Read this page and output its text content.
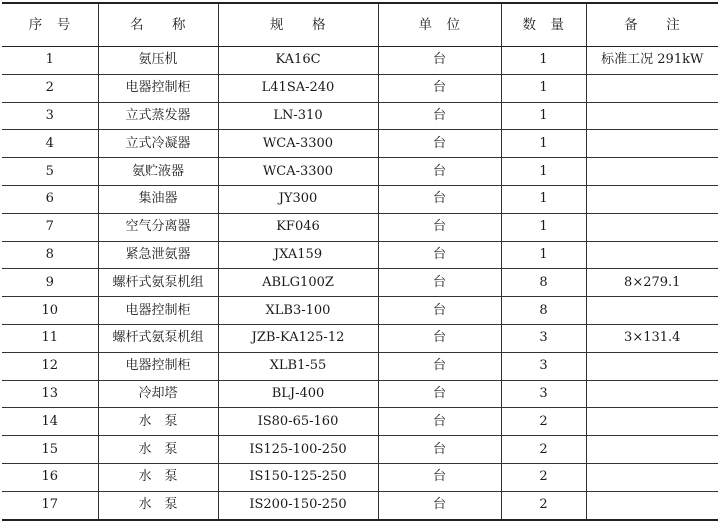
序　号	名　　称	规　　格	单　位	数　量	备　　注
1	氨压机	KA16C	台	1	标准工况 291kW
2	电器控制柜	L41SA-240	台	1	
3	立式蒸发器	LN-310	台	1	
4	立式冷凝器	WCA-3300	台	1	
5	氨贮液器	WCA-3300	台	1	
6	集油器	JY300	台	1	
7	空气分离器	KF046	台	1	
8	紧急泄氨器	JXA159	台	1	
9	螺杆式氨泵机组	ABLG100Z	台	8	8×279.1
10	电器控制柜	XLB3-100	台	8	
11	螺杆式氨泵机组	JZB-KA125-12	台	3	3×131.4
12	电器控制柜	XLB1-55	台	3	
13	冷却塔	BLJ-400	台	3	
14	水　泵	IS80-65-160	台	2	
15	水　泵	IS125-100-250	台	2	
16	水　泵	IS150-125-250	台	2	
17	水　泵	IS200-150-250	台	2	
